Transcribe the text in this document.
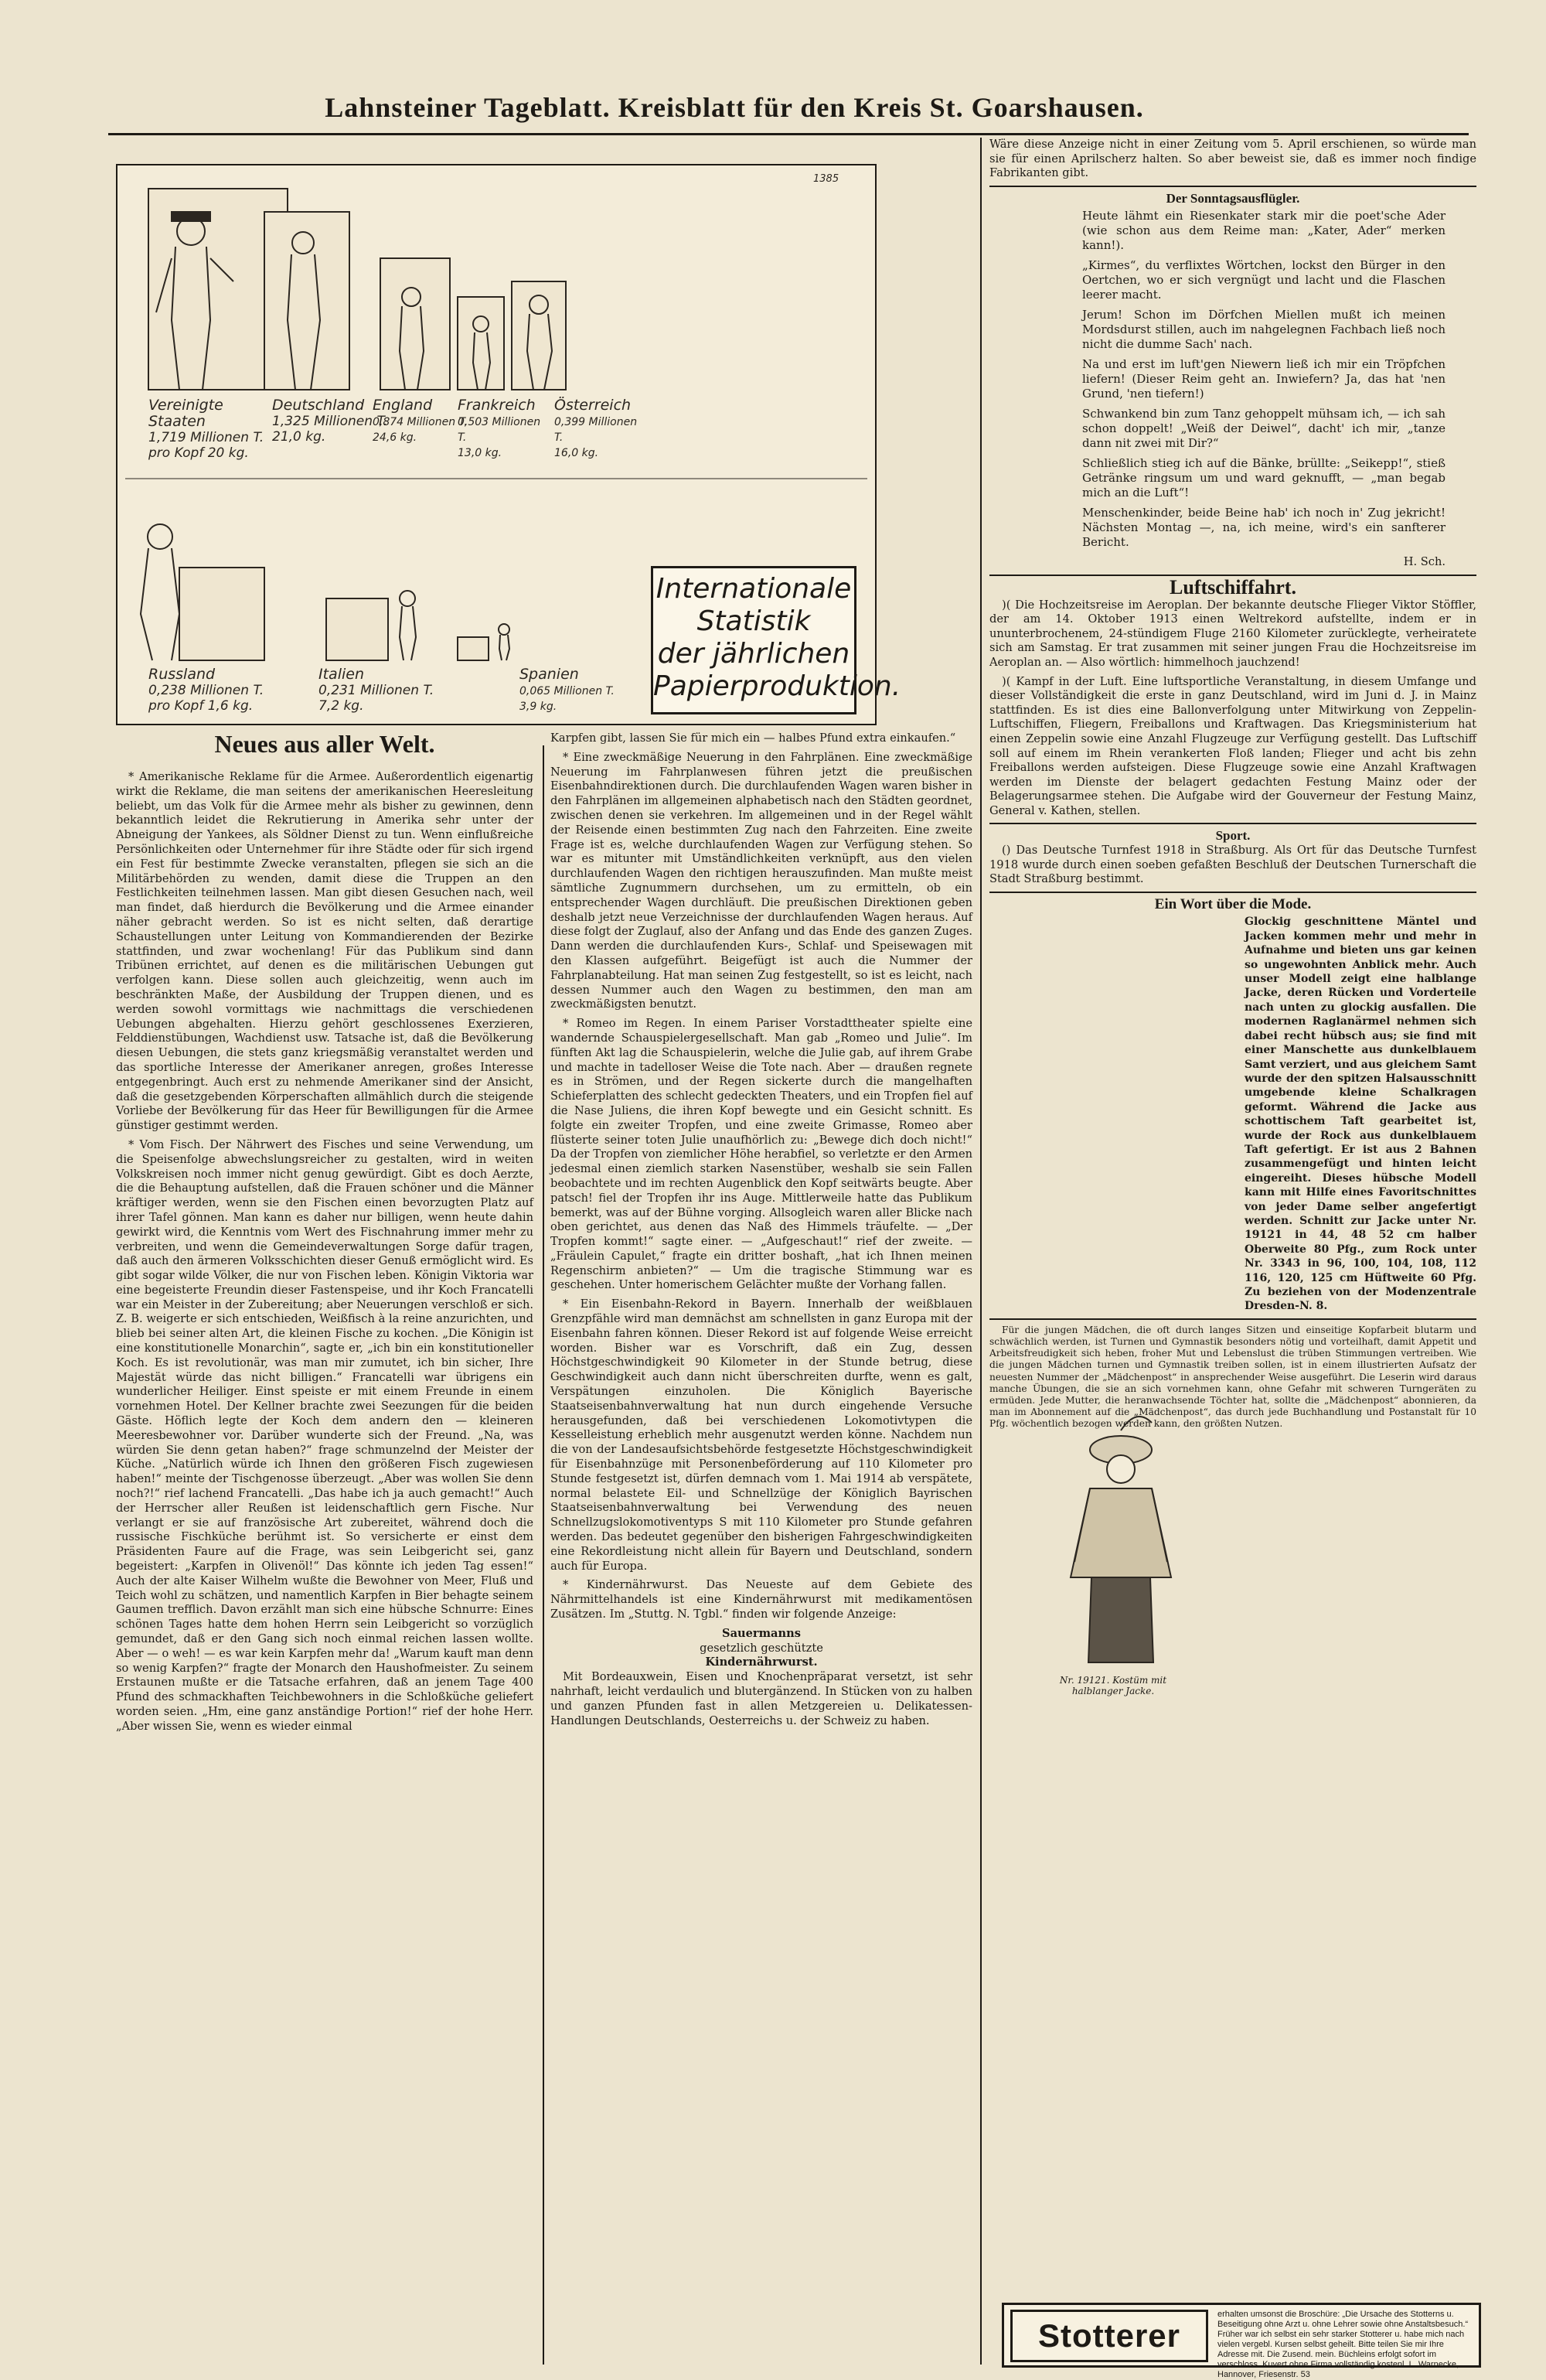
Lahnsteiner Tageblatt. Kreisblatt für den Kreis St. Goarshausen.
1385
Vereinigte Staaten
1,719 Millionen T.
pro Kopf 20 kg.
Deutschland
1,325 Millionen T.
21,0 kg.
England
0,874 Millionen T.
24,6 kg.
Frankreich
0,503 Millionen T.
13,0 kg.
Österreich
0,399 Millionen T.
16,0 kg.
Russland
0,238 Millionen T.
pro Kopf 1,6 kg.
Italien
0,231 Millionen T.
7,2 kg.
Spanien
0,065 Millionen T.
3,9 kg.
Internationale
Statistik
der jährlichen
Papierproduktion.
Neues aus aller Welt.

* Amerikanische Reklame für die Armee. Außerordentlich eigenartig wirkt die Reklame, die man seitens der amerikanischen Heeresleitung beliebt, um das Volk für die Armee mehr als bisher zu gewinnen, denn bekanntlich leidet die Rekrutierung in Amerika sehr unter der Abneigung der Yankees, als Söldner Dienst zu tun. Wenn einflußreiche Persönlichkeiten oder Unternehmer für ihre Städte oder für sich irgend ein Fest für bestimmte Zwecke veranstalten, pflegen sie sich an die Militärbehörden zu wenden, damit diese die Truppen an den Festlichkeiten teilnehmen lassen. Man gibt diesen Gesuchen nach, weil man findet, daß hierdurch die Bevölkerung und die Armee einander näher gebracht werden. So ist es nicht selten, daß derartige Schaustellungen unter Leitung von Kommandierenden der Bezirke stattfinden, und zwar wochenlang! Für das Publikum sind dann Tribünen errichtet, auf denen es die militärischen Uebungen gut verfolgen kann. Diese sollen auch gleichzeitig, wenn auch im beschränkten Maße, der Ausbildung der Truppen dienen, und es werden sowohl vormittags wie nachmittags die verschiedenen Uebungen abgehalten. Hierzu gehört geschlossenes Exerzieren, Felddienstübungen, Wachdienst usw. Tatsache ist, daß die Bevölkerung diesen Uebungen, die stets ganz kriegsmäßig veranstaltet werden und das sportliche Interesse der Amerikaner anregen, großes Interesse entgegenbringt. Auch erst zu nehmende Amerikaner sind der Ansicht, daß die gesetzgebenden Körperschaften allmählich durch die steigende Vorliebe der Bevölkerung für das Heer für Bewilligungen für die Armee günstiger gestimmt werden.

* Vom Fisch. Der Nährwert des Fisches und seine Verwendung, um die Speisenfolge abwechslungsreicher zu gestalten, wird in weiten Volkskreisen noch immer nicht genug gewürdigt. Gibt es doch Aerzte, die die Behauptung aufstellen, daß die Frauen schöner und die Männer kräftiger werden, wenn sie den Fischen einen bevorzugten Platz auf ihrer Tafel gönnen. Man kann es daher nur billigen, wenn heute dahin gewirkt wird, die Kenntnis vom Wert des Fischnahrung immer mehr zu verbreiten, und wenn die Gemeindeverwaltungen Sorge dafür tragen, daß auch den ärmeren Volksschichten dieser Genuß ermöglicht wird. Es gibt sogar wilde Völker, die nur von Fischen leben. Königin Viktoria war eine begeisterte Freundin dieser Fastenspeise, und ihr Koch Francatelli war ein Meister in der Zubereitung; aber Neuerungen verschloß er sich. Z. B. weigerte er sich entschieden, Weißfisch à la reine anzurichten, und blieb bei seiner alten Art, die kleinen Fische zu kochen. „Die Königin ist eine konstitutionelle Monarchin“, sagte er, „ich bin ein konstitutioneller Koch. Es ist revolutionär, was man mir zumutet, ich bin sicher, Ihre Majestät würde das nicht billigen.“ Francatelli war übrigens ein wunderlicher Heiliger. Einst speiste er mit einem Freunde in einem vornehmen Hotel. Der Kellner brachte zwei Seezungen für die beiden Gäste. Höflich legte der Koch dem andern den — kleineren Meeresbewohner vor. Darüber wunderte sich der Freund. „Na, was würden Sie denn getan haben?“ frage schmunzelnd der Meister der Küche. „Natürlich würde ich Ihnen den größeren Fisch zugewiesen haben!“ meinte der Tischgenosse überzeugt. „Aber was wollen Sie denn noch?!“ rief lachend Francatelli. „Das habe ich ja auch gemacht!“ Auch der Herrscher aller Reußen ist leidenschaftlich gern Fische. Nur verlangt er sie auf französische Art zubereitet, während doch die russische Fischküche berühmt ist. So versicherte er einst dem Präsidenten Faure auf die Frage, was sein Leibgericht sei, ganz begeistert: „Karpfen in Olivenöl!“ Das könnte ich jeden Tag essen!“ Auch der alte Kaiser Wilhelm wußte die Bewohner von Meer, Fluß und Teich wohl zu schätzen, und namentlich Karpfen in Bier behagte seinem Gaumen trefflich. Davon erzählt man sich eine hübsche Schnurre: Eines schönen Tages hatte dem hohen Herrn sein Leibgericht so vorzüglich gemundet, daß er den Gang sich noch einmal reichen lassen wollte. Aber — o weh! — es war kein Karpfen mehr da! „Warum kauft man denn so wenig Karpfen?“ fragte der Monarch den Haushofmeister. Zu seinem Erstaunen mußte er die Tatsache erfahren, daß an jenem Tage 400 Pfund des schmackhaften Teichbewohners in die Schloßküche geliefert worden seien. „Hm, eine ganz anständige Portion!“ rief der hohe Herr. „Aber wissen Sie, wenn es wieder einmal

Karpfen gibt, lassen Sie für mich ein — halbes Pfund extra einkaufen.“

* Eine zweckmäßige Neuerung in den Fahrplänen. Eine zweckmäßige Neuerung im Fahrplanwesen führen jetzt die preußischen Eisenbahndirektionen durch. Die durchlaufenden Wagen waren bisher in den Fahrplänen im allgemeinen alphabetisch nach den Städten geordnet, zwischen denen sie verkehren. Im allgemeinen und in der Regel wählt der Reisende einen bestimmten Zug nach den Fahrzeiten. Eine zweite Frage ist es, welche durchlaufenden Wagen zur Verfügung stehen. So war es mitunter mit Umständlichkeiten verknüpft, aus den vielen durchlaufenden Wagen den richtigen herauszufinden. Man mußte meist sämtliche Zugnummern durchsehen, um zu ermitteln, ob ein entsprechender Wagen durchläuft. Die preußischen Direktionen geben deshalb jetzt neue Verzeichnisse der durchlaufenden Wagen heraus. Auf diese folgt der Zuglauf, also der Anfang und das Ende des ganzen Zuges. Dann werden die durchlaufenden Kurs-, Schlaf- und Speisewagen mit den Klassen aufgeführt. Beigefügt ist auch die Nummer der Fahrplanabteilung. Hat man seinen Zug festgestellt, so ist es leicht, nach dessen Nummer auch den Wagen zu bestimmen, den man am zweckmäßigsten benutzt.

* Romeo im Regen. In einem Pariser Vorstadttheater spielte eine wandernde Schauspielergesellschaft. Man gab „Romeo und Julie“. Im fünften Akt lag die Schauspielerin, welche die Julie gab, auf ihrem Grabe und machte in tadelloser Weise die Tote nach. Aber — draußen regnete es in Strömen, und der Regen sickerte durch die mangelhaften Schieferplatten des schlecht gedeckten Theaters, und ein Tropfen fiel auf die Nase Juliens, die ihren Kopf bewegte und ein Gesicht schnitt. Es folgte ein zweiter Tropfen, und eine zweite Grimasse, Romeo aber flüsterte seiner toten Julie unaufhörlich zu: „Bewege dich doch nicht!“ Da der Tropfen von ziemlicher Höhe herabfiel, so verletzte er den Armen jedesmal einen ziemlich starken Nasenstüber, weshalb sie sein Fallen beobachtete und im rechten Augenblick den Kopf seitwärts beugte. Aber patsch! fiel der Tropfen ihr ins Auge. Mittlerweile hatte das Publikum bemerkt, was auf der Bühne vorging. Allsogleich waren aller Blicke nach oben gerichtet, aus denen das Naß des Himmels träufelte. — „Der Tropfen kommt!“ sagte einer. — „Aufgeschaut!“ rief der zweite. — „Fräulein Capulet,“ fragte ein dritter boshaft, „hat ich Ihnen meinen Regenschirm anbieten?“ — Um die tragische Stimmung war es geschehen. Unter homerischem Gelächter mußte der Vorhang fallen.

* Ein Eisenbahn-Rekord in Bayern. Innerhalb der weißblauen Grenzpfähle wird man demnächst am schnellsten in ganz Europa mit der Eisenbahn fahren können. Dieser Rekord ist auf folgende Weise erreicht worden. Bisher war es Vorschrift, daß ein Zug, dessen Höchstgeschwindigkeit 90 Kilometer in der Stunde betrug, diese Geschwindigkeit auch dann nicht überschreiten durfte, wenn es galt, Verspätungen einzuholen. Die Königlich Bayerische Staatseisenbahnverwaltung hat nun durch eingehende Versuche herausgefunden, daß bei verschiedenen Lokomotivtypen die Kesselleistung erheblich mehr ausgenutzt werden könne. Nachdem nun die von der Landesaufsichtsbehörde festgesetzte Höchstgeschwindigkeit für Eisenbahnzüge mit Personenbeförderung auf 110 Kilometer pro Stunde festgesetzt ist, dürfen demnach vom 1. Mai 1914 ab verspätete, normal belastete Eil- und Schnellzüge der Königlich Bayrischen Staatseisenbahnverwaltung bei Verwendung des neuen Schnellzugslokomotiventyps S mit 110 Kilometer pro Stunde gefahren werden. Das bedeutet gegenüber den bisherigen Fahrgeschwindigkeiten eine Rekordleistung nicht allein für Bayern und Deutschland, sondern auch für Europa.

* Kindernährwurst. Das Neueste auf dem Gebiete des Nährmittelhandels ist eine Kindernährwurst mit medikamentösen Zusätzen. Im „Stuttg. N. Tgbl.“ finden wir folgende Anzeige:

Sauermanns
gesetzlich geschützte
Kindernährwurst.

Mit Bordeauxwein, Eisen und Knochenpräparat versetzt, ist sehr nahrhaft, leicht verdaulich und blutergänzend. In Stücken von zu halben und ganzen Pfunden fast in allen Metzgereien u. Delikatessen-Handlungen Deutschlands, Oesterreichs u. der Schweiz zu haben.

Wäre diese Anzeige nicht in einer Zeitung vom 5. April erschienen, so würde man sie für einen Aprilscherz halten. So aber beweist sie, daß es immer noch findige Fabrikanten gibt.

Der Sonntagsausflügler.
Heute lähmt ein Riesenkater stark mir die poet'sche Ader (wie schon aus dem Reime man: „Kater, Ader“ merken kann!).
„Kirmes“, du verflixtes Wörtchen, lockst den Bürger in den Oertchen, wo er sich vergnügt und lacht und die Flaschen leerer macht.
Jerum! Schon im Dörfchen Miellen mußt ich meinen Mordsdurst stillen, auch im nahgelegnen Fachbach ließ noch nicht die dumme Sach' nach.
Na und erst im luft'gen Niewern ließ ich mir ein Tröpfchen liefern! (Dieser Reim geht an. Inwiefern? Ja, das hat 'nen Grund, 'nen tiefern!)
Schwankend bin zum Tanz gehoppelt mühsam ich, — ich sah schon doppelt! „Weiß der Deiwel“, dacht' ich mir, „tanze dann nit zwei mit Dir?“
Schließlich stieg ich auf die Bänke, brüllte: „Seikepp!“, stieß Getränke ringsum um und ward geknufft, — „man begab mich an die Luft“!
Menschenkinder, beide Beine hab' ich noch in' Zug jekricht! Nächsten Montag —, na, ich meine, wird's ein sanfterer Bericht.
H. Sch.
Luftschiffahrt.

)( Die Hochzeitsreise im Aeroplan. Der bekannte deutsche Flieger Viktor Stöffler, der am 14. Oktober 1913 einen Weltrekord aufstellte, indem er in ununterbrochenem, 24-stündigem Fluge 2160 Kilometer zurücklegte, verheiratete sich am Samstag. Er trat zusammen mit seiner jungen Frau die Hochzeitsreise im Aeroplan an. — Also wörtlich: himmelhoch jauchzend!

)( Kampf in der Luft. Eine luftsportliche Veranstaltung, in diesem Umfange und dieser Vollständigkeit die erste in ganz Deutschland, wird im Juni d. J. in Mainz stattfinden. Es ist dies eine Ballonverfolgung unter Mitwirkung von Zeppelin-Luftschiffen, Fliegern, Freiballons und Kraftwagen. Das Kriegsministerium hat einen Zeppelin sowie eine Anzahl Flugzeuge zur Verfügung gestellt. Das Luftschiff soll auf einem im Rhein verankerten Floß landen; Flieger und acht bis zehn Freiballons werden aufsteigen. Diese Flugzeuge sowie eine Anzahl Kraftwagen werden im Dienste der belagert gedachten Festung Mainz oder der Belagerungsarmee stehen. Die Aufgabe wird der Gouverneur der Festung Mainz, General v. Kathen, stellen.

Sport.

() Das Deutsche Turnfest 1918 in Straßburg. Als Ort für das Deutsche Turnfest 1918 wurde durch einen soeben gefaßten Beschluß der Deutschen Turnerschaft die Stadt Straßburg bestimmt.

Ein Wort über die Mode.

Glockig geschnittene Mäntel und Jacken kommen mehr und mehr in Aufnahme und bieten uns gar keinen so ungewohnten Anblick mehr. Auch unser Modell zeigt eine halblange Jacke, deren Rücken und Vorderteile nach unten zu glockig ausfallen. Die modernen Raglanärmel nehmen sich dabei recht hübsch aus; sie find mit einer Manschette aus dunkelblauem Samt verziert, und aus gleichem Samt wurde der den spitzen Halsausschnitt umgebende kleine Schalkragen geformt. Während die Jacke aus schottischem Taft gearbeitet ist, wurde der Rock aus dunkelblauem Taft gefertigt. Er ist aus 2 Bahnen zusammengefügt und hinten leicht eingereiht. Dieses hübsche Modell kann mit Hilfe eines Favoritschnittes von jeder Dame selber angefertigt werden. Schnitt zur Jacke unter Nr. 19121 in 44, 48 52 cm halber Oberweite 80 Pfg., zum Rock unter Nr. 3343 in 96, 100, 104, 108, 112 116, 120, 125 cm Hüftweite 60 Pfg. Zu beziehen von der Modenzentrale Dresden-N. 8.

Für die jungen Mädchen, die oft durch langes Sitzen und einseitige Kopfarbeit blutarm und schwächlich werden, ist Turnen und Gymnastik besonders nötig und vorteilhaft, damit Appetit und Arbeitsfreudigkeit sich heben, froher Mut und Lebenslust die trüben Stimmungen vertreiben. Wie die jungen Mädchen turnen und Gymnastik treiben sollen, ist in einem illustrierten Aufsatz der neuesten Nummer der „Mädchenpost“ in ansprechender Weise ausgeführt. Die Leserin wird daraus manche Übungen, die sie an sich vornehmen kann, ohne Gefahr mit schweren Turngeräten zu ermüden. Jede Mutter, die heranwachsende Töchter hat, sollte die „Mädchenpost“ abonnieren, da man im Abonnement auf die „Mädchenpost“, das durch jede Buchhandlung und Postanstalt für 10 Pfg. wöchentlich bezogen werden kann, den größten Nutzen.

Nr. 19121. Kostüm mit halblanger Jacke.
Stotterer
erhalten umsonst die Broschüre: „Die Ursache des Stotterns u. Beseitigung ohne Arzt u. ohne Lehrer sowie ohne Anstaltsbesuch.“ Früher war ich selbst ein sehr starker Stotterer u. habe mich nach vielen vergebl. Kursen selbst geheilt. Bitte teilen Sie mir Ihre Adresse mit. Die Zusend. mein. Büchleins erfolgt sofort im verschloss. Kuvert ohne Firma vollständig kostenl. L. Warnecke, Hannover, Friesenstr. 53
